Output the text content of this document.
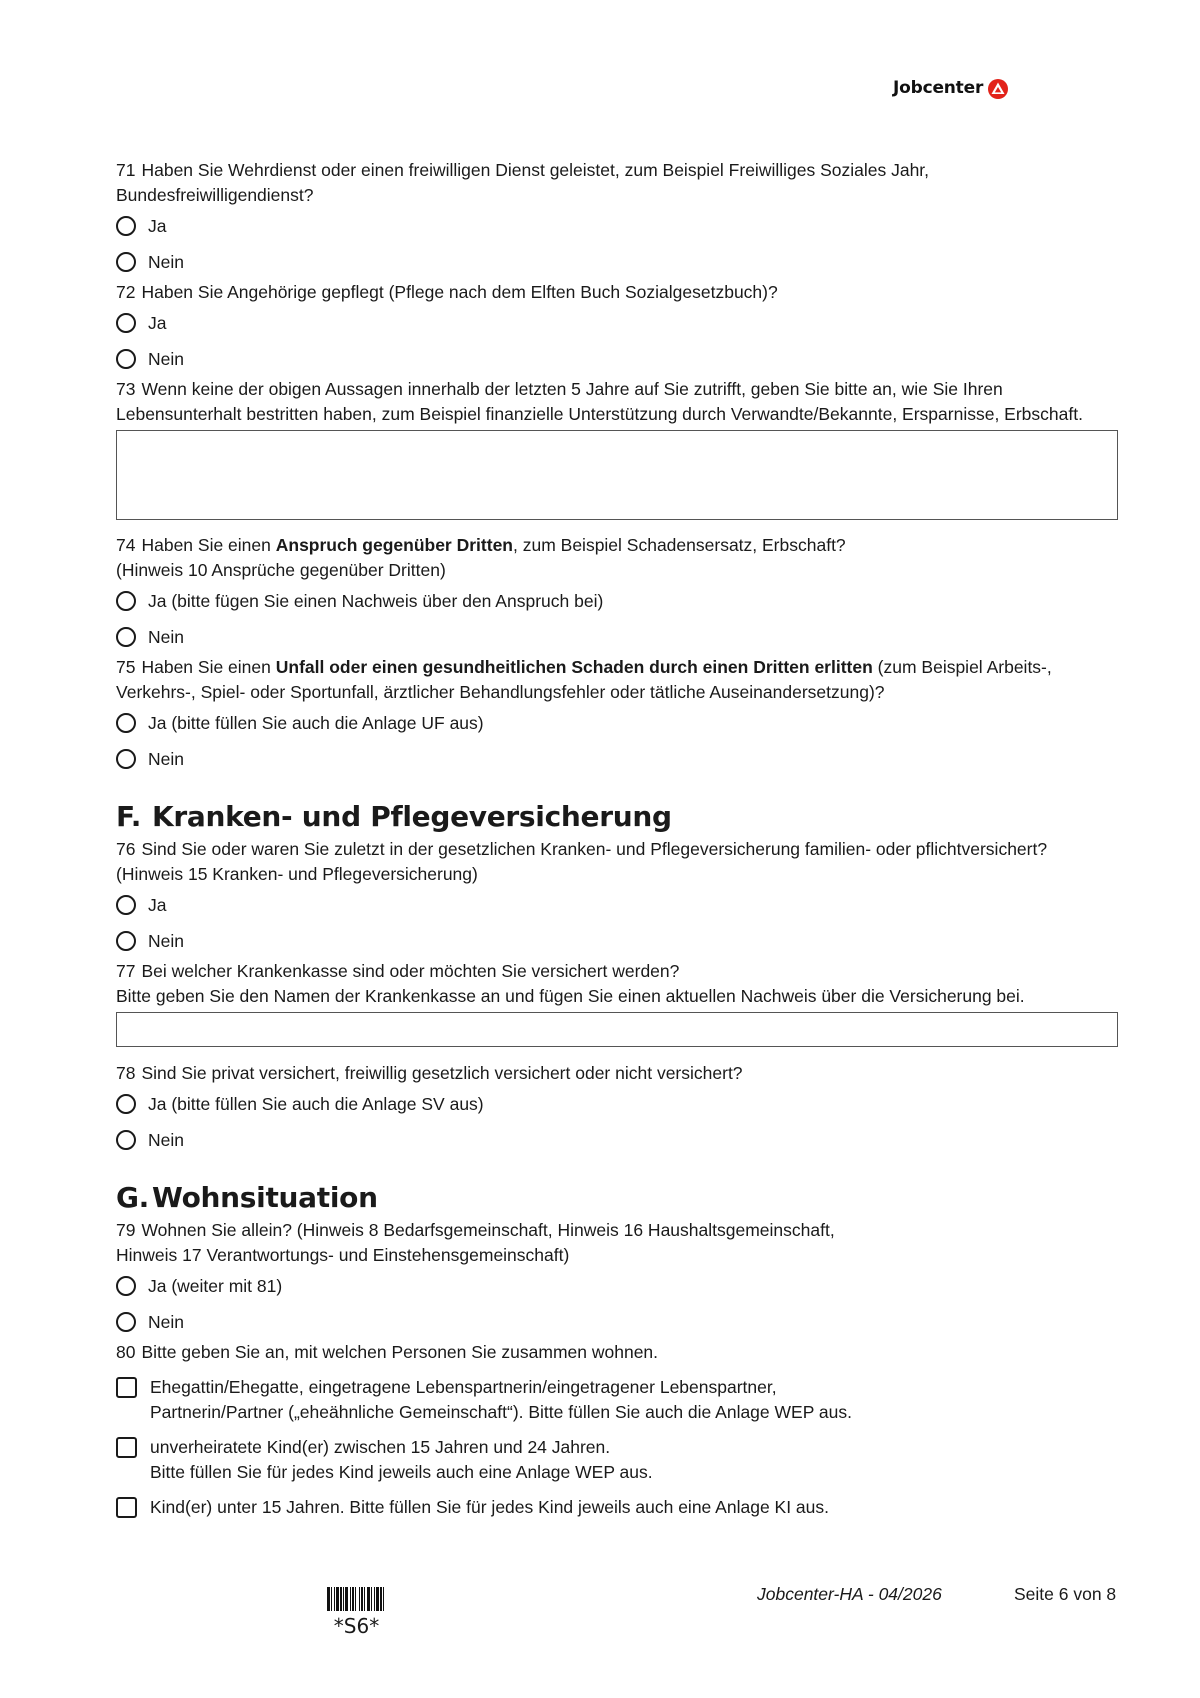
Jobcenter

71 Haben Sie Wehrdienst oder einen freiwilligen Dienst geleistet, zum Beispiel Freiwilliges Soziales Jahr,
Bundesfreiwilligendienst?

Ja
Nein

72 Haben Sie Angehörige gepflegt (Pflege nach dem Elften Buch Sozialgesetzbuch)?

Ja
Nein

73 Wenn keine der obigen Aussagen innerhalb der letzten 5 Jahre auf Sie zutrifft, geben Sie bitte an, wie Sie Ihren
Lebensunterhalt bestritten haben, zum Beispiel finanzielle Unterstützung durch Verwandte/Bekannte, Ersparnisse, Erbschaft.

74 Haben Sie einen Anspruch gegenüber Dritten, zum Beispiel Schadensersatz, Erbschaft?
(Hinweis 10 Ansprüche gegenüber Dritten)

Ja (bitte fügen Sie einen Nachweis über den Anspruch bei)
Nein

75 Haben Sie einen Unfall oder einen gesundheitlichen Schaden durch einen Dritten erlitten (zum Beispiel Arbeits-,
Verkehrs-, Spiel- oder Sportunfall, ärztlicher Behandlungsfehler oder tätliche Auseinandersetzung)?

Ja (bitte füllen Sie auch die Anlage UF aus)
Nein
F. Kranken- und Pflegeversicherung

76 Sind Sie oder waren Sie zuletzt in der gesetzlichen Kranken- und Pflegeversicherung familien- oder pflichtversichert?
(Hinweis 15 Kranken- und Pflegeversicherung)

Ja
Nein

77 Bei welcher Krankenkasse sind oder möchten Sie versichert werden?
Bitte geben Sie den Namen der Krankenkasse an und fügen Sie einen aktuellen Nachweis über die Versicherung bei.

78 Sind Sie privat versichert, freiwillig gesetzlich versichert oder nicht versichert?

Ja (bitte füllen Sie auch die Anlage SV aus)
Nein
G. Wohnsituation

79 Wohnen Sie allein? (Hinweis 8 Bedarfsgemeinschaft, Hinweis 16 Haushaltsgemeinschaft,
Hinweis 17 Verantwortungs- und Einstehensgemeinschaft)

Ja (weiter mit 81)
Nein

80 Bitte geben Sie an, mit welchen Personen Sie zusammen wohnen.

Ehegattin/Ehegatte, eingetragene Lebenspartnerin/eingetragener Lebenspartner,
Partnerin/Partner („eheähnliche Gemeinschaft“). Bitte füllen Sie auch die Anlage WEP aus.
unverheiratete Kind(er) zwischen 15 Jahren und 24 Jahren.
Bitte füllen Sie für jedes Kind jeweils auch eine Anlage WEP aus.
Kind(er) unter 15 Jahren. Bitte füllen Sie für jedes Kind jeweils auch eine Anlage KI aus.
*S6*
Jobcenter-HA - 04/2026	Seite 6 von 8
